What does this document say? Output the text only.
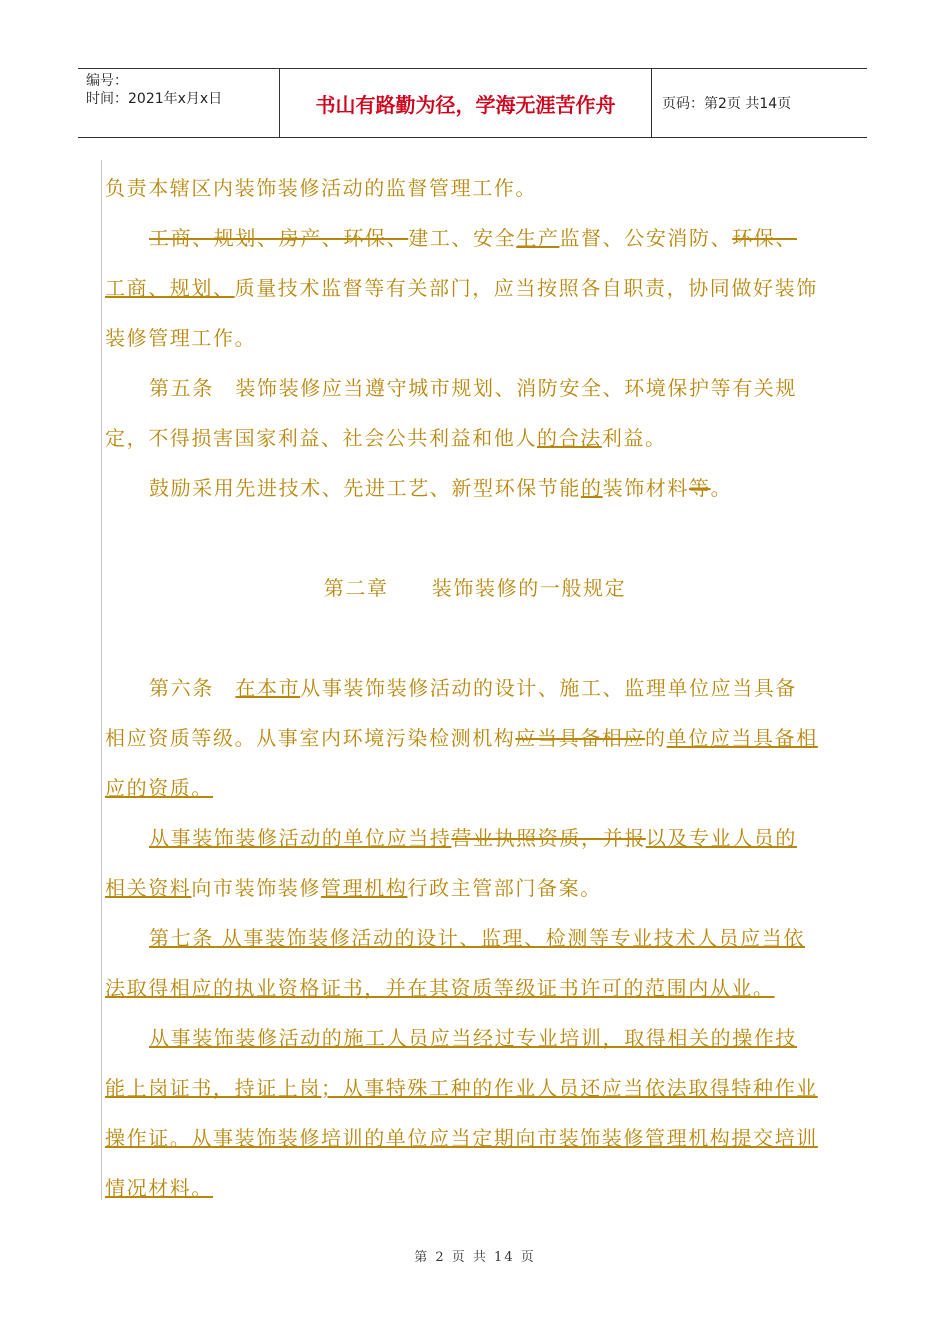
编号：
时间：2021年x月x日	书山有路勤为径，学海无涯苦作舟	页码：第2页 共14页
负责本辖区内装饰装修活动的监督管理工作。
工商、规划、房产、环保、建工、安全生产监督、公安消防、环保、
工商、规划、质量技术监督等有关部门，应当按照各自职责，协同做好装饰
装修管理工作。
第五条　装饰装修应当遵守城市规划、消防安全、环境保护等有关规
定，不得损害国家利益、社会公共利益和他人的合法利益。
鼓励采用先进技术、先进工艺、新型环保节能的装饰材料等。
第二章　　装饰装修的一般规定
第六条　在本市从事装饰装修活动的设计、施工、监理单位应当具备
相应资质等级。从事室内环境污染检测机构应当具备相应的单位应当具备相
应的资质。
从事装饰装修活动的单位应当持营业执照资质，并报以及专业人员的
相关资料向市装饰装修管理机构行政主管部门备案。
第七条 从事装饰装修活动的设计、监理、检测等专业技术人员应当依
法取得相应的执业资格证书，并在其资质等级证书许可的范围内从业。
从事装饰装修活动的施工人员应当经过专业培训，取得相关的操作技
能上岗证书，持证上岗；从事特殊工种的作业人员还应当依法取得特种作业
操作证。从事装饰装修培训的单位应当定期向市装饰装修管理机构提交培训
情况材料。
第 2 页 共 14 页
